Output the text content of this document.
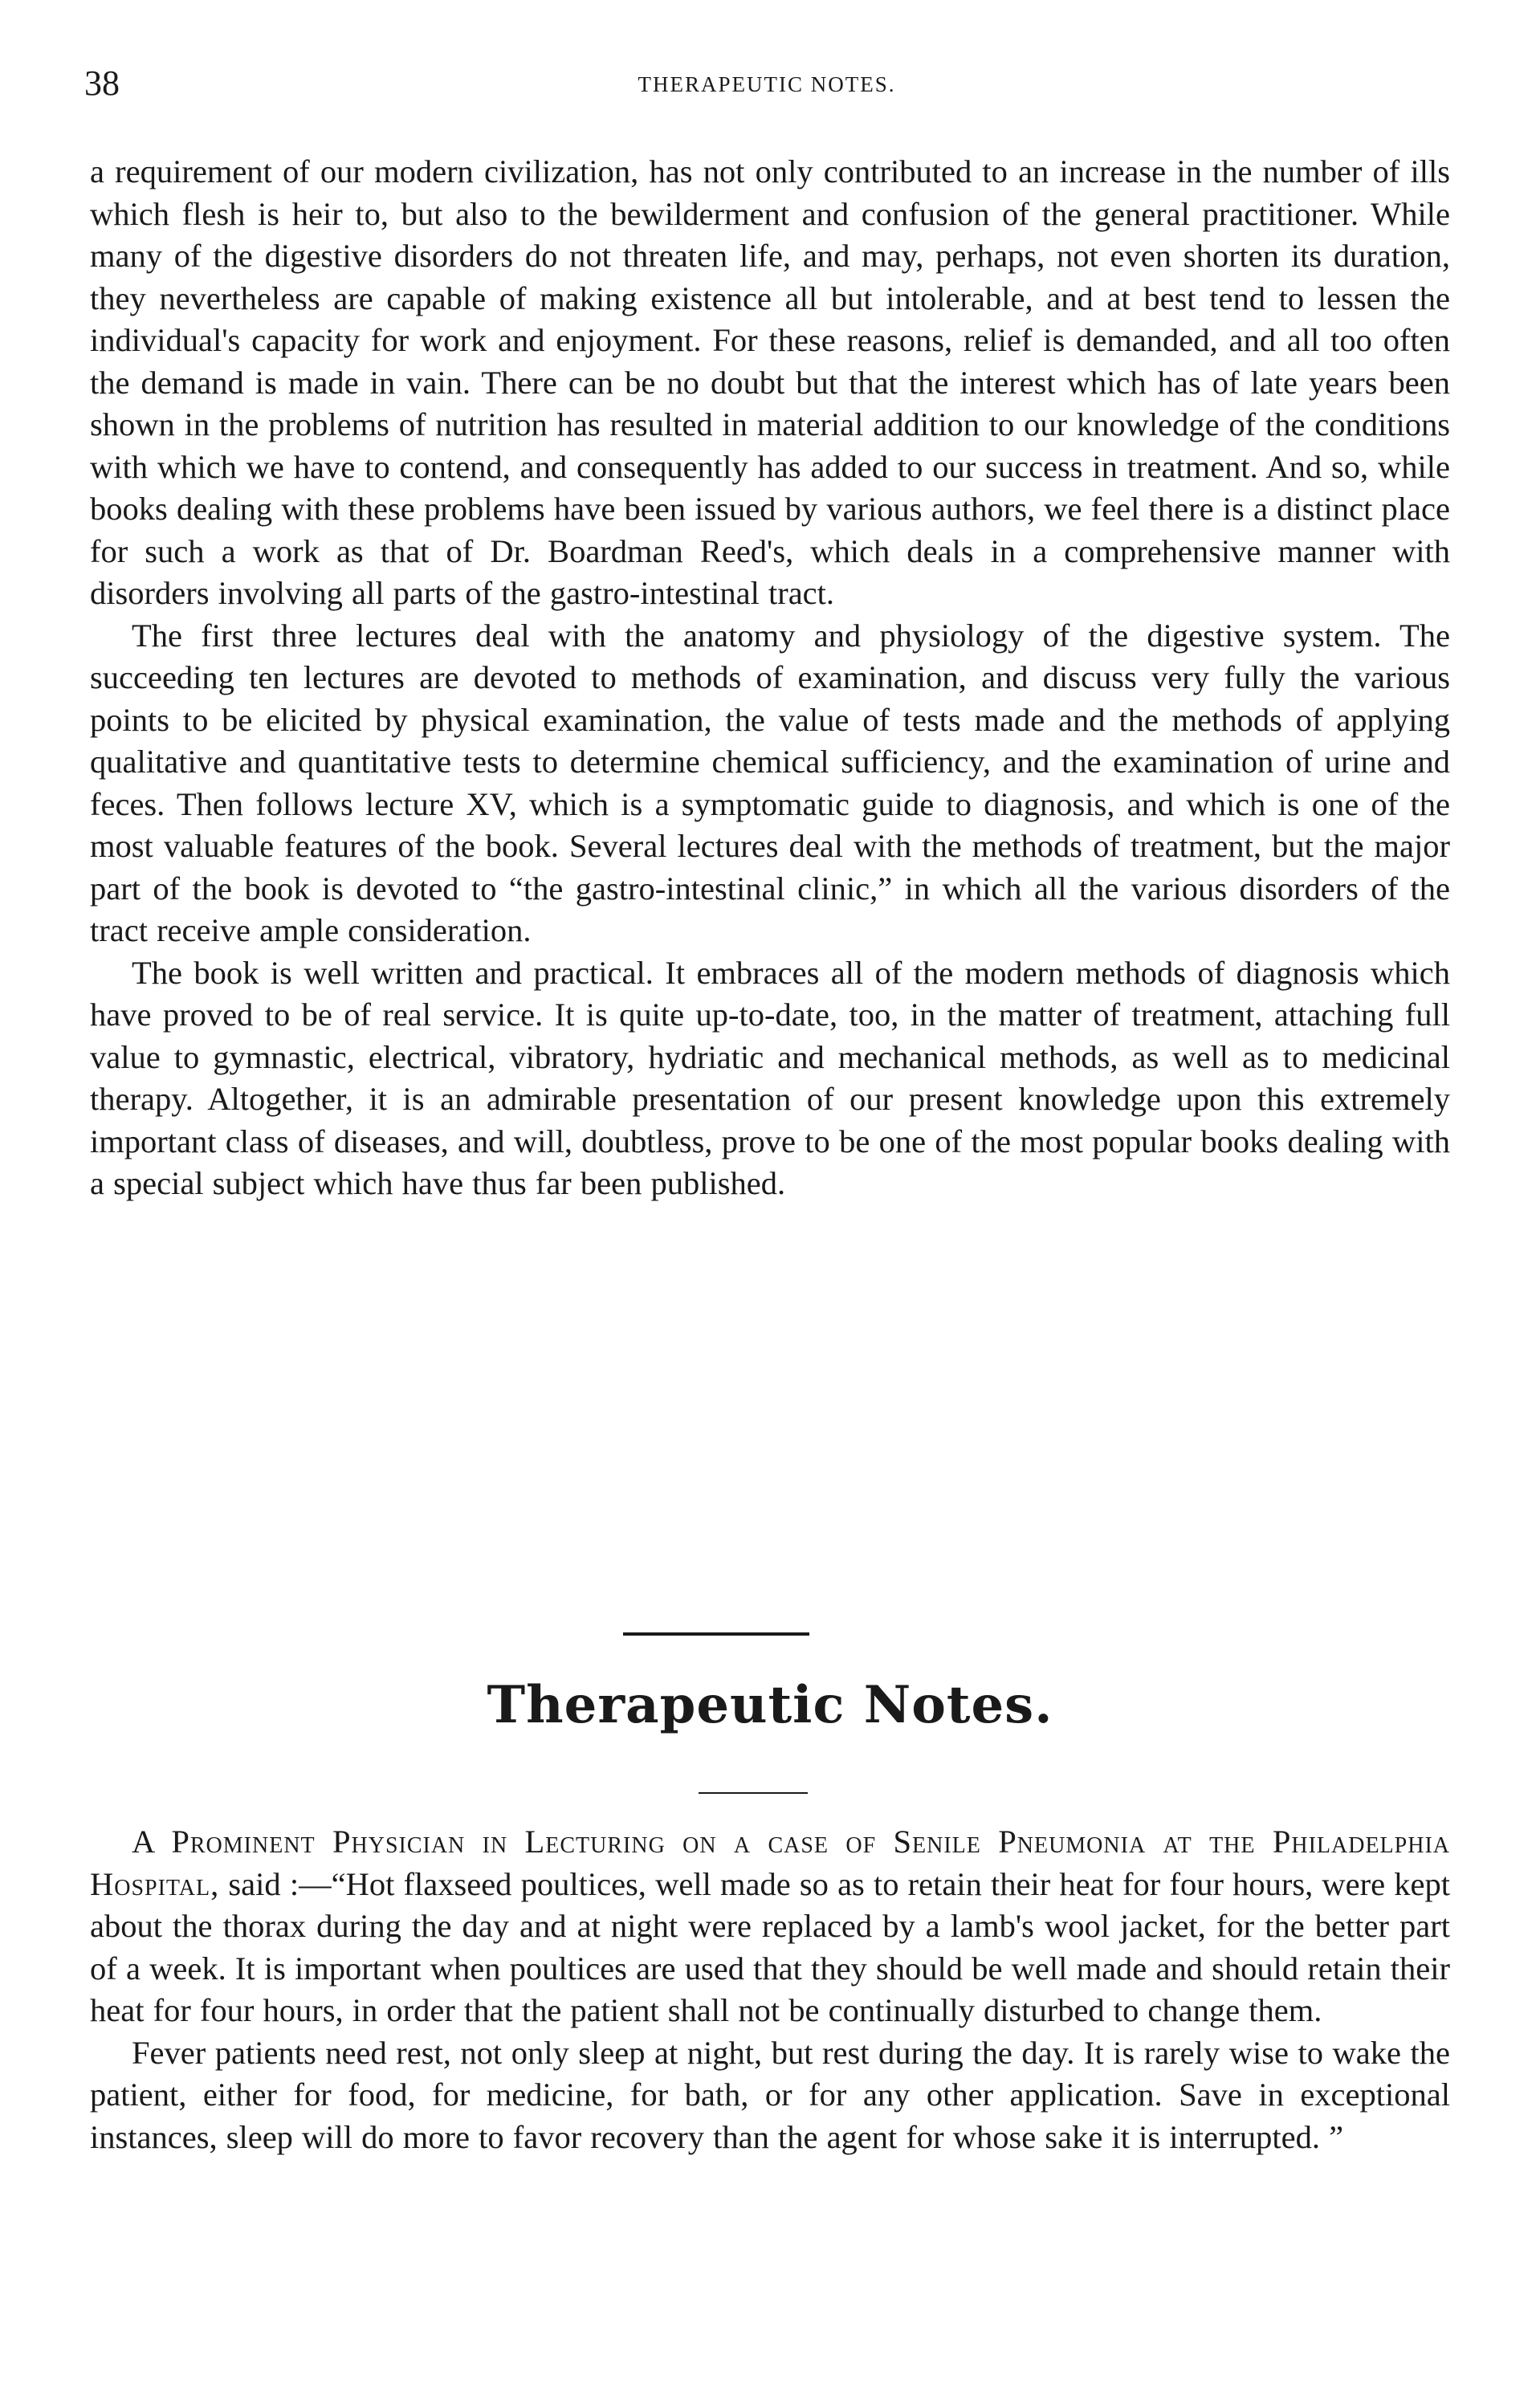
38	THERAPEUTIC NOTES.

a requirement of our modern civilization, has not only contributed to an increase in the number of ills which flesh is heir to, but also to the bewilderment and confusion of the general practitioner. While many of the digestive disorders do not threaten life, and may, perhaps, not even shorten its duration, they nevertheless are capable of making existence all but intolerable, and at best tend to lessen the individual's capacity for work and enjoyment. For these reasons, relief is demanded, and all too often the demand is made in vain. There can be no doubt but that the interest which has of late years been shown in the problems of nutrition has resulted in material addition to our knowledge of the conditions with which we have to contend, and consequently has added to our success in treatment. And so, while books dealing with these problems have been issued by various authors, we feel there is a distinct place for such a work as that of Dr. Boardman Reed's, which deals in a comprehensive manner with disorders involving all parts of the gastro-intestinal tract.

The first three lectures deal with the anatomy and physiology of the digestive system. The succeeding ten lectures are devoted to methods of examination, and discuss very fully the various points to be elicited by physical examination, the value of tests made and the methods of applying qualitative and quantitative tests to determine chemical sufficiency, and the examination of urine and feces. Then follows lecture XV, which is a symptomatic guide to diagnosis, and which is one of the most valuable features of the book. Several lectures deal with the methods of treatment, but the major part of the book is devoted to “the gastro-intestinal clinic,” in which all the various disorders of the tract receive ample consideration.

The book is well written and practical. It embraces all of the modern methods of diagnosis which have proved to be of real service. It is quite up-to-date, too, in the matter of treatment, attaching full value to gymnastic, electrical, vibratory, hydriatic and mechanical methods, as well as to medicinal therapy. Altogether, it is an admirable presentation of our present knowledge upon this extremely important class of diseases, and will, doubtless, prove to be one of the most popular books dealing with a special subject which have thus far been published.

Therapeutic Notes.

A Prominent Physician in Lecturing on a case of Senile Pneumonia at the Philadelphia Hospital, said :—“Hot flaxseed poultices, well made so as to retain their heat for four hours, were kept about the thorax during the day and at night were replaced by a lamb's wool jacket, for the better part of a week. It is important when poultices are used that they should be well made and should retain their heat for four hours, in order that the patient shall not be continually disturbed to change them.

Fever patients need rest, not only sleep at night, but rest during the day. It is rarely wise to wake the patient, either for food, for medicine, for bath, or for any other application. Save in exceptional instances, sleep will do more to favor recovery than the agent for whose sake it is interrupted. ”
